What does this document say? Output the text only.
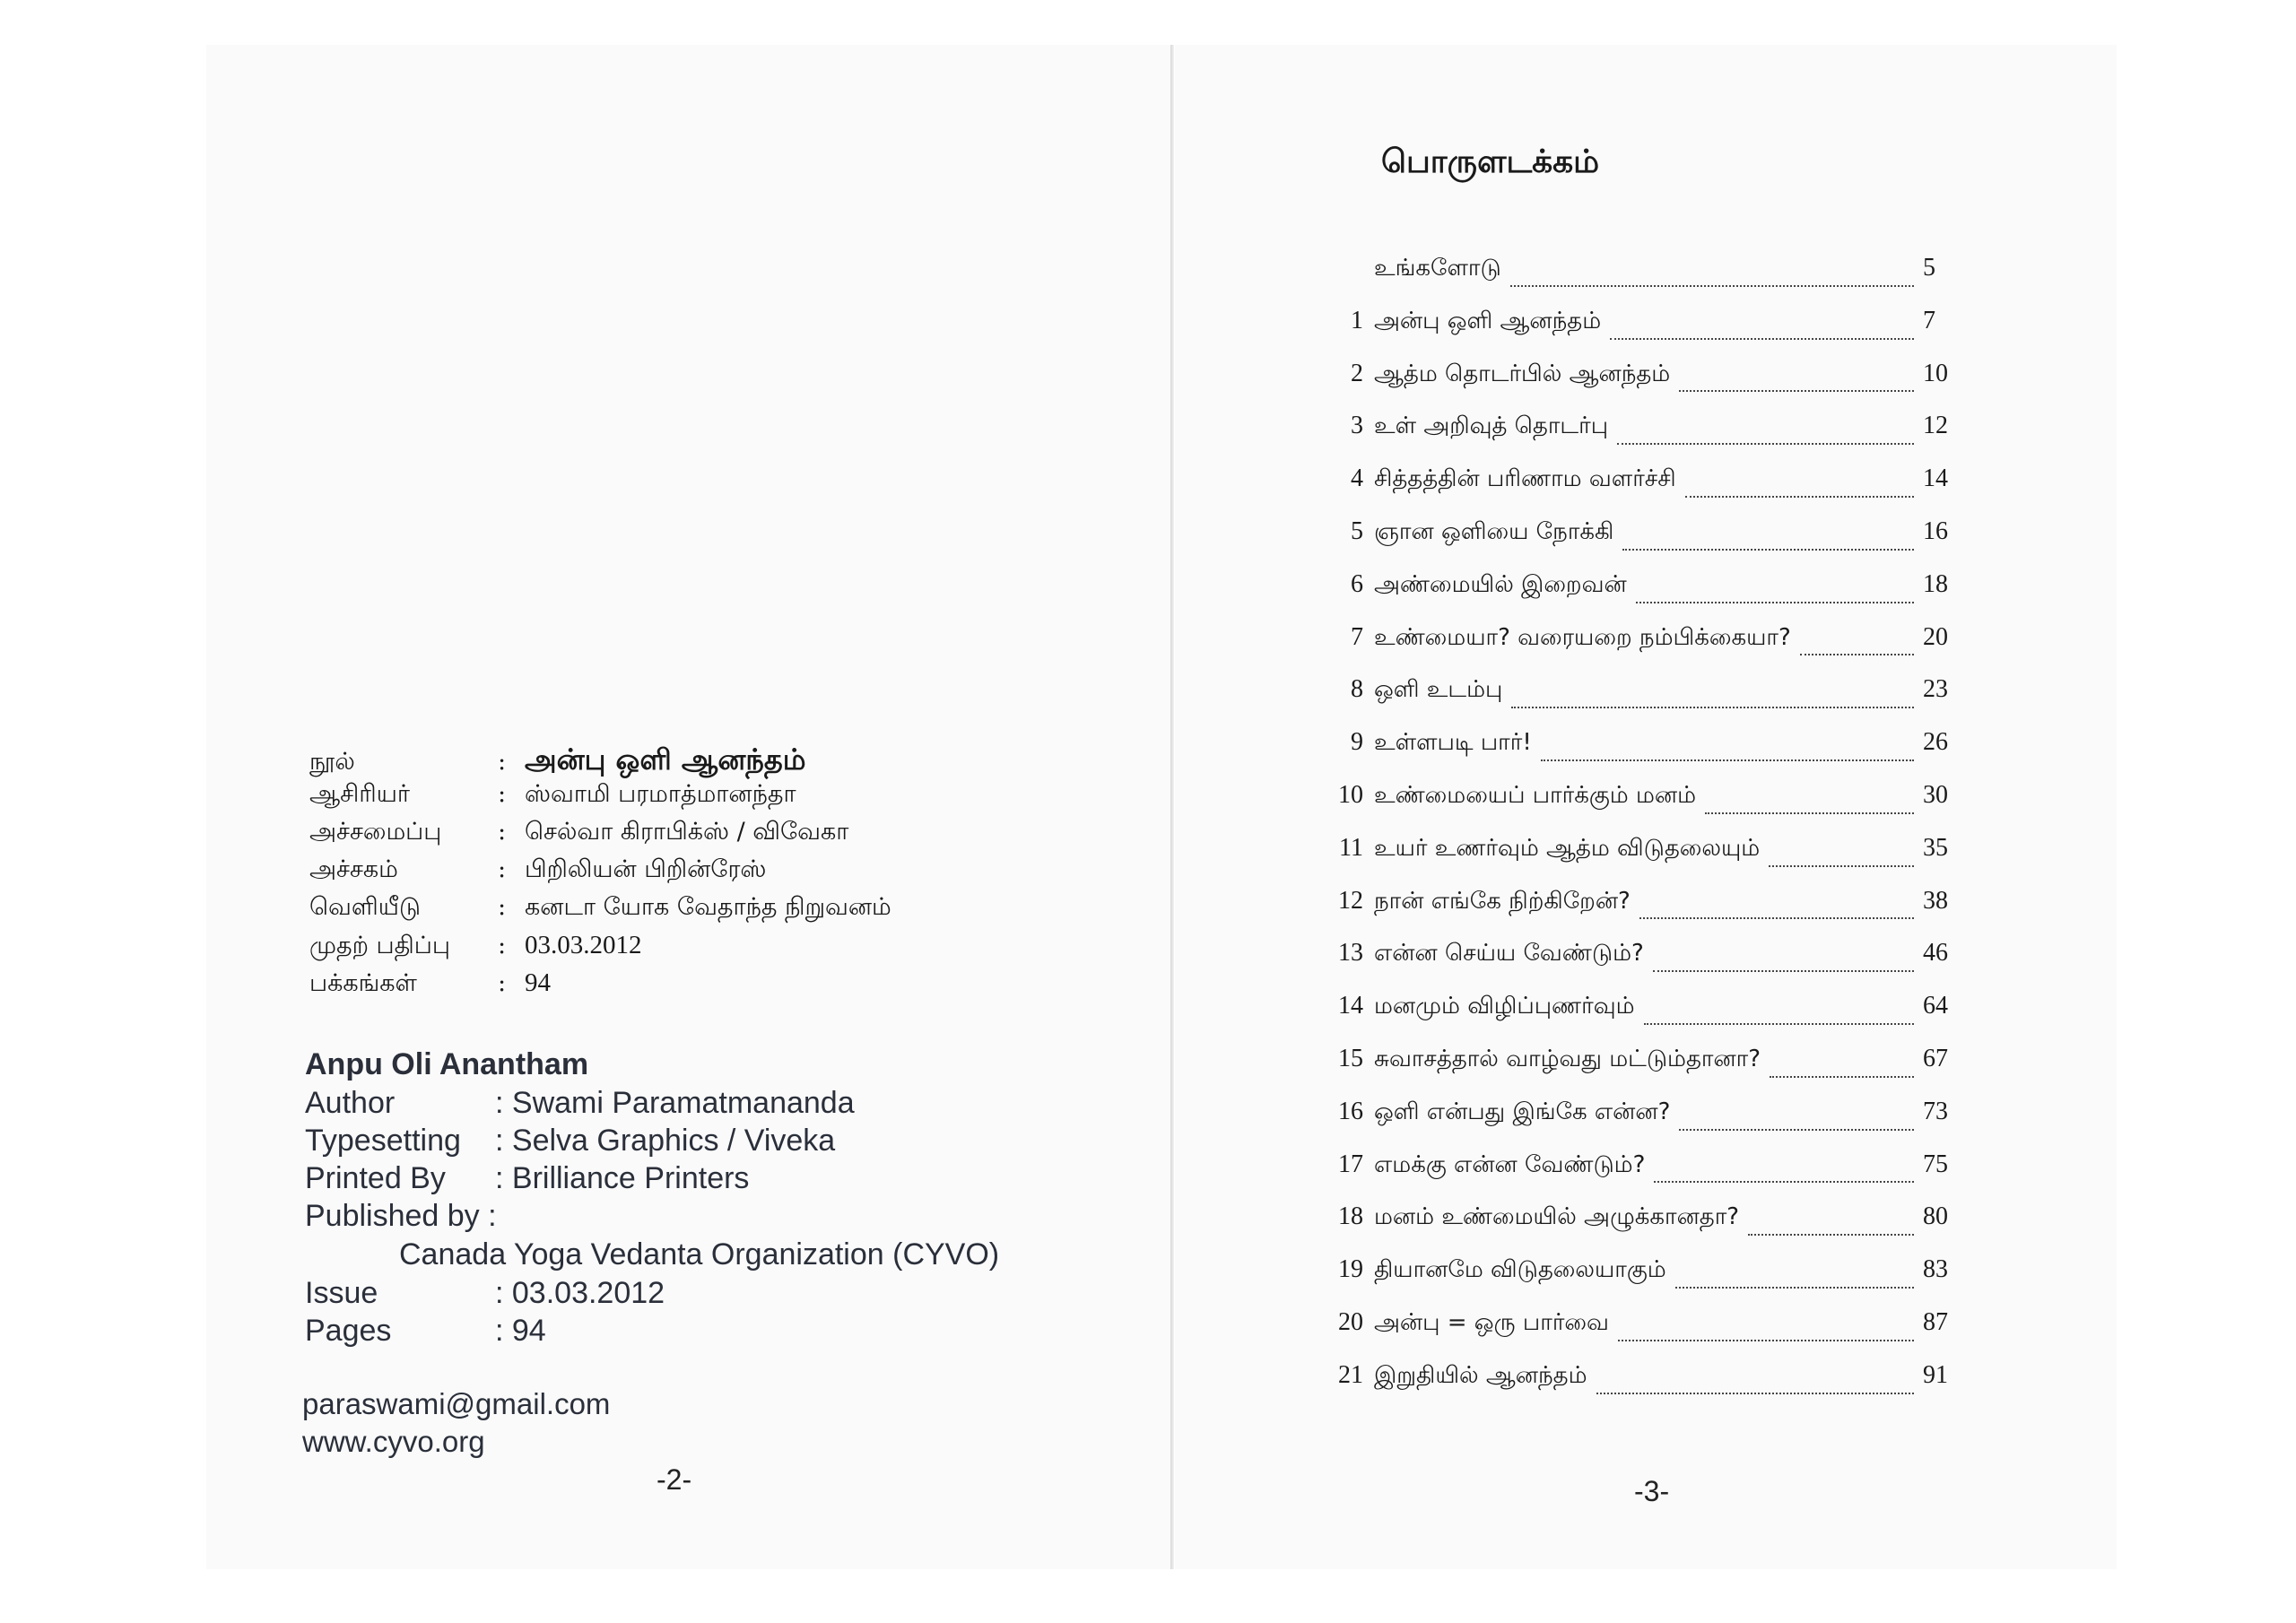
நூல்	: அன்பு ஒளி ஆனந்தம்
ஆசிரியர்	: ஸ்வாமி பரமாத்மானந்தா
அச்சமைப்பு	: செல்வா கிராபிக்ஸ் / விவேகா
அச்சகம்	: பிறிலியன் பிறின்ரேஸ்
வெளியீடு	: கனடா யோக வேதாந்த நிறுவனம்
முதற் பதிப்பு	: 03.03.2012
பக்கங்கள்	: 94
Anpu Oli Anantham
Author	: Swami Paramatmananda
Typesetting	: Selva Graphics / Viveka
Printed By	: Brilliance Printers
Published by :
Canada Yoga Vedanta Organization (CYVO)
Issue	: 03.03.2012
Pages	: 94
paraswami@gmail.com
www.cyvo.org
-2-
பொருளடக்கம்
உங்களோடு	5
1 அன்பு ஒளி ஆனந்தம்	7
2 ஆத்ம தொடர்பில் ஆனந்தம்	10
3 உள் அறிவுத் தொடர்பு	12
4 சித்தத்தின் பரிணாம வளர்ச்சி	14
5 ஞான ஒளியை நோக்கி	16
6 அண்மையில் இறைவன்	18
7 உண்மையா? வரையறை நம்பிக்கையா?	20
8 ஒளி உடம்பு	23
9 உள்ளபடி பார்!	26
10 உண்மையைப் பார்க்கும் மனம்	30
11 உயர் உணர்வும் ஆத்ம விடுதலையும்	35
12 நான் எங்கே நிற்கிறேன்?	38
13 என்ன செய்ய வேண்டும்?	46
14 மனமும் விழிப்புணர்வும்	64
15 சுவாசத்தால் வாழ்வது மட்டும்தானா?	67
16 ஒளி என்பது இங்கே என்ன?	73
17 எமக்கு என்ன வேண்டும்?	75
18 மனம் உண்மையில் அழுக்கானதா?	80
19 தியானமே விடுதலையாகும்	83
20 அன்பு = ஒரு பார்வை	87
21 இறுதியில் ஆனந்தம்	91
-3-
